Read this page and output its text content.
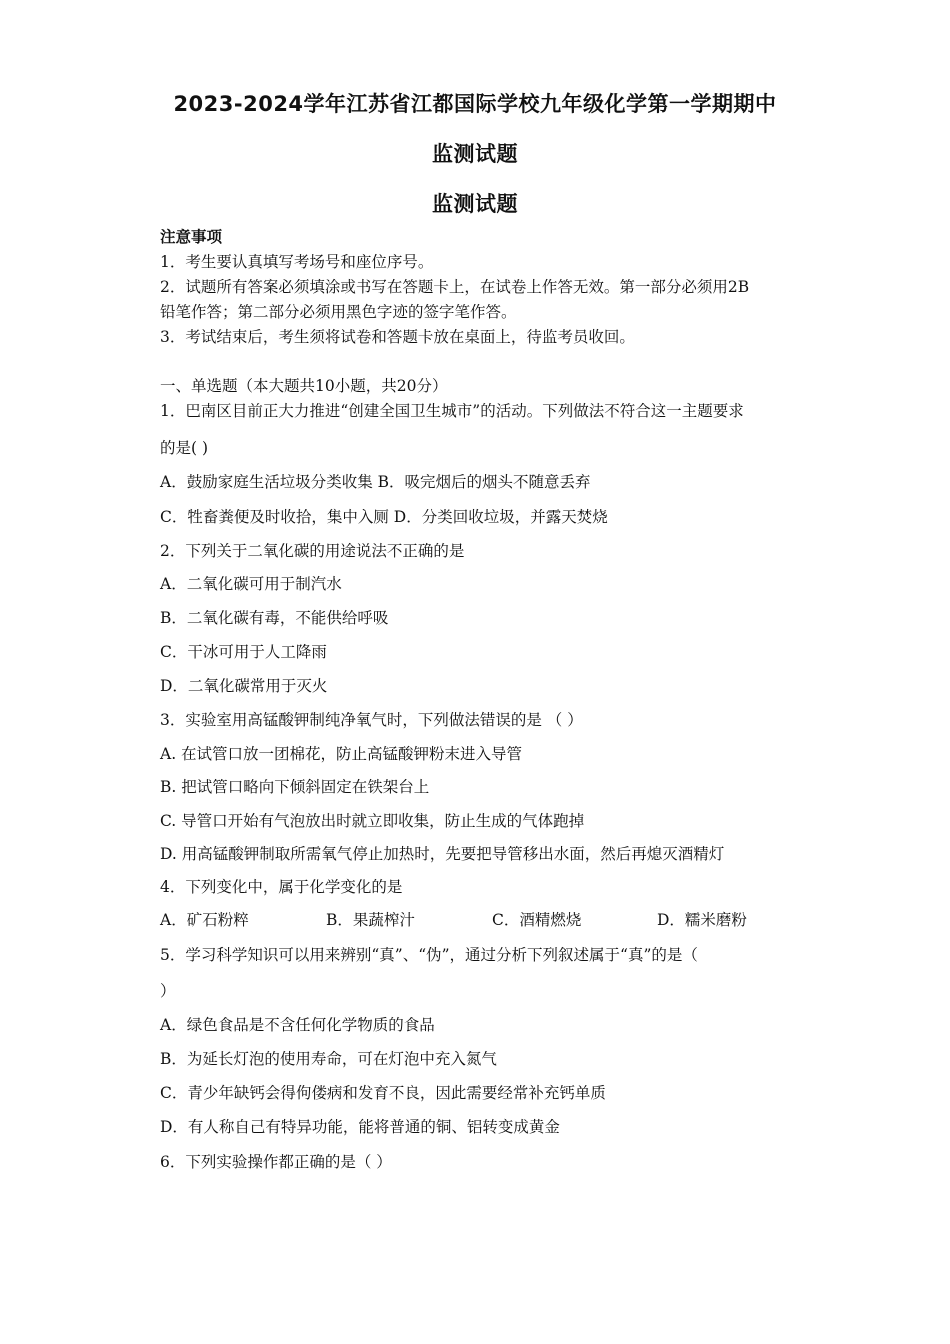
2023-2024学年江苏省江都国际学校九年级化学第一学期期中
监测试题
监测试题
注意事项
1．考生要认真填写考场号和座位序号。
2．试题所有答案必须填涂或书写在答题卡上，在试卷上作答无效。第一部分必须用2B
铅笔作答；第二部分必须用黑色字迹的签字笔作答。
3．考试结束后，考生须将试卷和答题卡放在桌面上，待监考员收回。
一、单选题（本大题共10小题，共20分）
1．巴南区目前正大力推进“创建全国卫生城市”的活动。下列做法不符合这一主题要求
的是( )
A．鼓励家庭生活垃圾分类收集 B．吸完烟后的烟头不随意丢弃
C．牲畜粪便及时收拾，集中入厕 D．分类回收垃圾，并露天焚烧
2．下列关于二氧化碳的用途说法不正确的是
A．二氧化碳可用于制汽水
B．二氧化碳有毒，不能供给呼吸
C．干冰可用于人工降雨
D．二氧化碳常用于灭火
3．实验室用高锰酸钾制纯净氧气时，下列做法错误的是 （ ）
A. 在试管口放一团棉花，防止高锰酸钾粉末进入导管
B. 把试管口略向下倾斜固定在铁架台上
C. 导管口开始有气泡放出时就立即收集，防止生成的气体跑掉
D. 用高锰酸钾制取所需氧气停止加热时，先要把导管移出水面，然后再熄灭酒精灯
4．下列变化中，属于化学变化的是
A．矿石粉粹	B．果蔬榨汁	C．酒精燃烧	D．糯米磨粉
5．学习科学知识可以用来辨别“真”、“伪”，通过分析下列叙述属于“真”的是（
）
A．绿色食品是不含任何化学物质的食品
B．为延长灯泡的使用寿命，可在灯泡中充入氮气
C．青少年缺钙会得佝偻病和发育不良，因此需要经常补充钙单质
D．有人称自己有特异功能，能将普通的铜、铝转变成黄金
6．下列实验操作都正确的是（ ）
